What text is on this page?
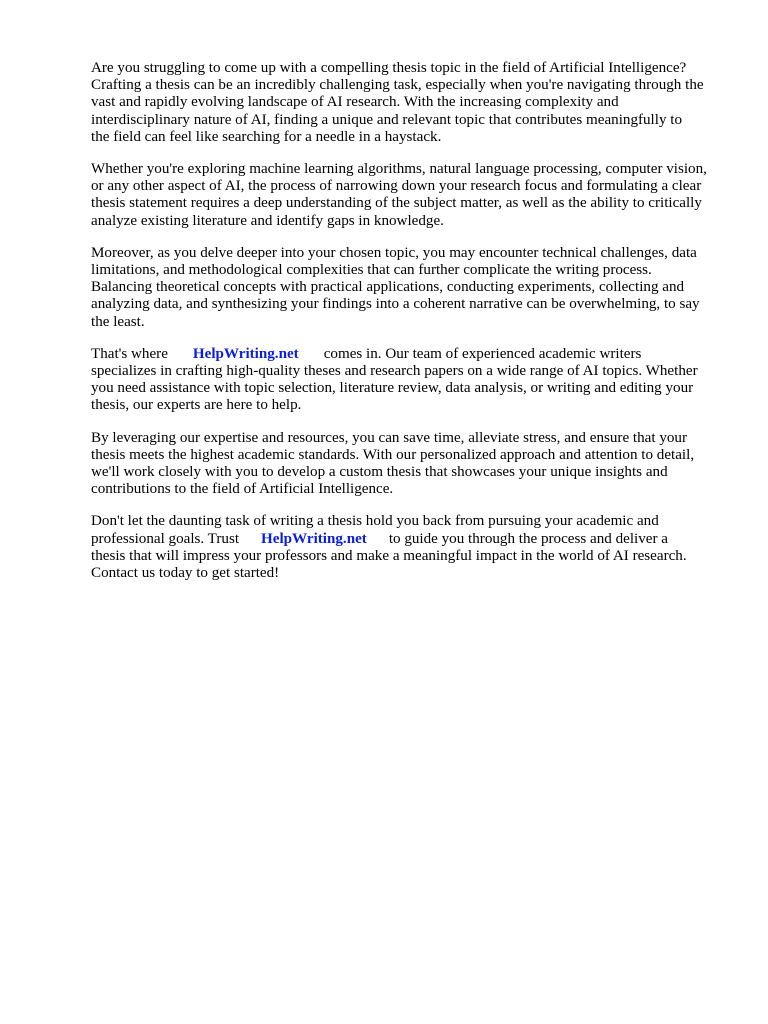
Are you struggling to come up with a compelling thesis topic in the field of Artificial Intelligence?
Crafting a thesis can be an incredibly challenging task, especially when you're navigating through the
vast and rapidly evolving landscape of AI research. With the increasing complexity and
interdisciplinary nature of AI, finding a unique and relevant topic that contributes meaningfully to
the field can feel like searching for a needle in a haystack.

Whether you're exploring machine learning algorithms, natural language processing, computer vision,
or any other aspect of AI, the process of narrowing down your research focus and formulating a clear
thesis statement requires a deep understanding of the subject matter, as well as the ability to critically
analyze existing literature and identify gaps in knowledge.

Moreover, as you delve deeper into your chosen topic, you may encounter technical challenges, data
limitations, and methodological complexities that can further complicate the writing process.
Balancing theoretical concepts with practical applications, conducting experiments, collecting and
analyzing data, and synthesizing your findings into a coherent narrative can be overwhelming, to say
the least.

That's where HelpWriting.net comes in. Our team of experienced academic writers
specializes in crafting high-quality theses and research papers on a wide range of AI topics. Whether
you need assistance with topic selection, literature review, data analysis, or writing and editing your
thesis, our experts are here to help.

By leveraging our expertise and resources, you can save time, alleviate stress, and ensure that your
thesis meets the highest academic standards. With our personalized approach and attention to detail,
we'll work closely with you to develop a custom thesis that showcases your unique insights and
contributions to the field of Artificial Intelligence.

Don't let the daunting task of writing a thesis hold you back from pursuing your academic and
professional goals. Trust HelpWriting.net to guide you through the process and deliver a
thesis that will impress your professors and make a meaningful impact in the world of AI research.
Contact us today to get started!
